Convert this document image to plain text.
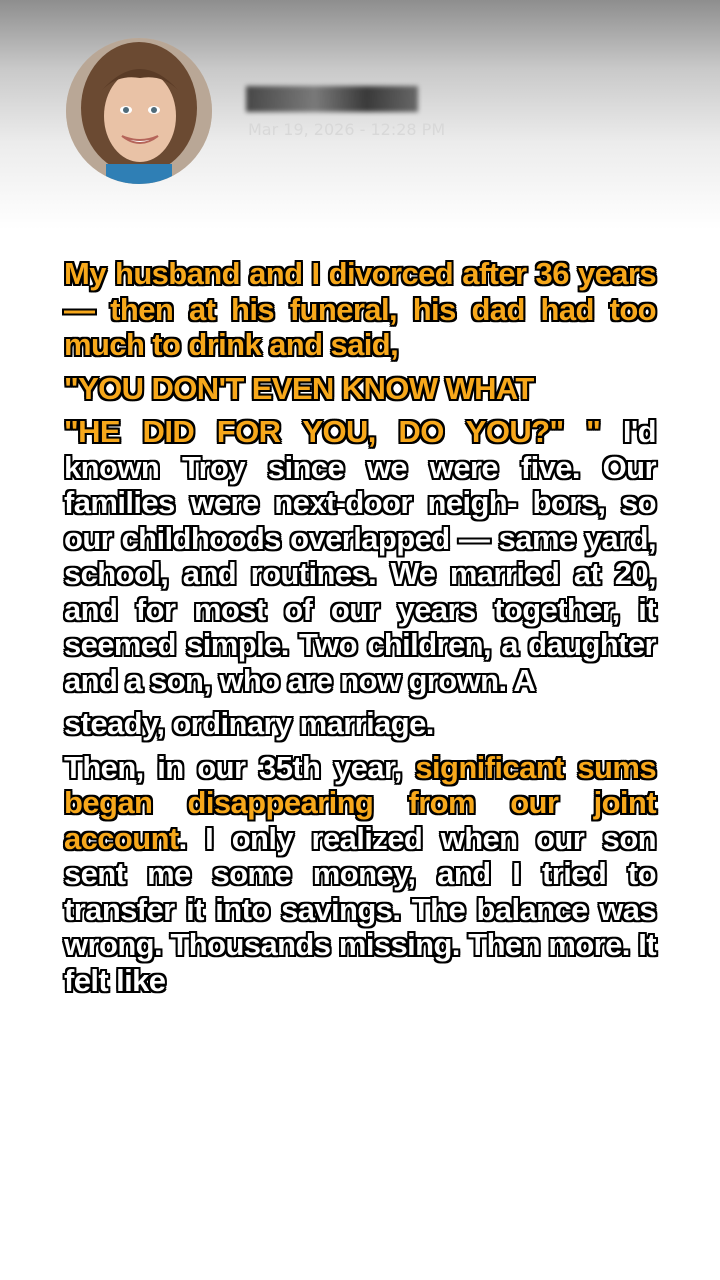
Mar 19, 2026 - 12:28 PM

My husband and I divorced after 36 years — then at his funeral, his dad had too much to drink and said,

"YOU DON'T EVEN KNOW WHAT

"HE DID FOR YOU, DO YOU?" " I'd known Troy since we were five. Our families were next-door neigh- bors, so our childhoods overlapped — same yard, school, and routines. We married at 20, and for most of our years together, it seemed simple. Two children, a daughter and a son, who are now grown. A

steady, ordinary marriage.

Then, in our 35th year, significant sums began disappearing from our joint account. I only realized when our son sent me some money, and I tried to transfer it into savings. The balance was wrong. Thousands missing. Then more. It felt like
